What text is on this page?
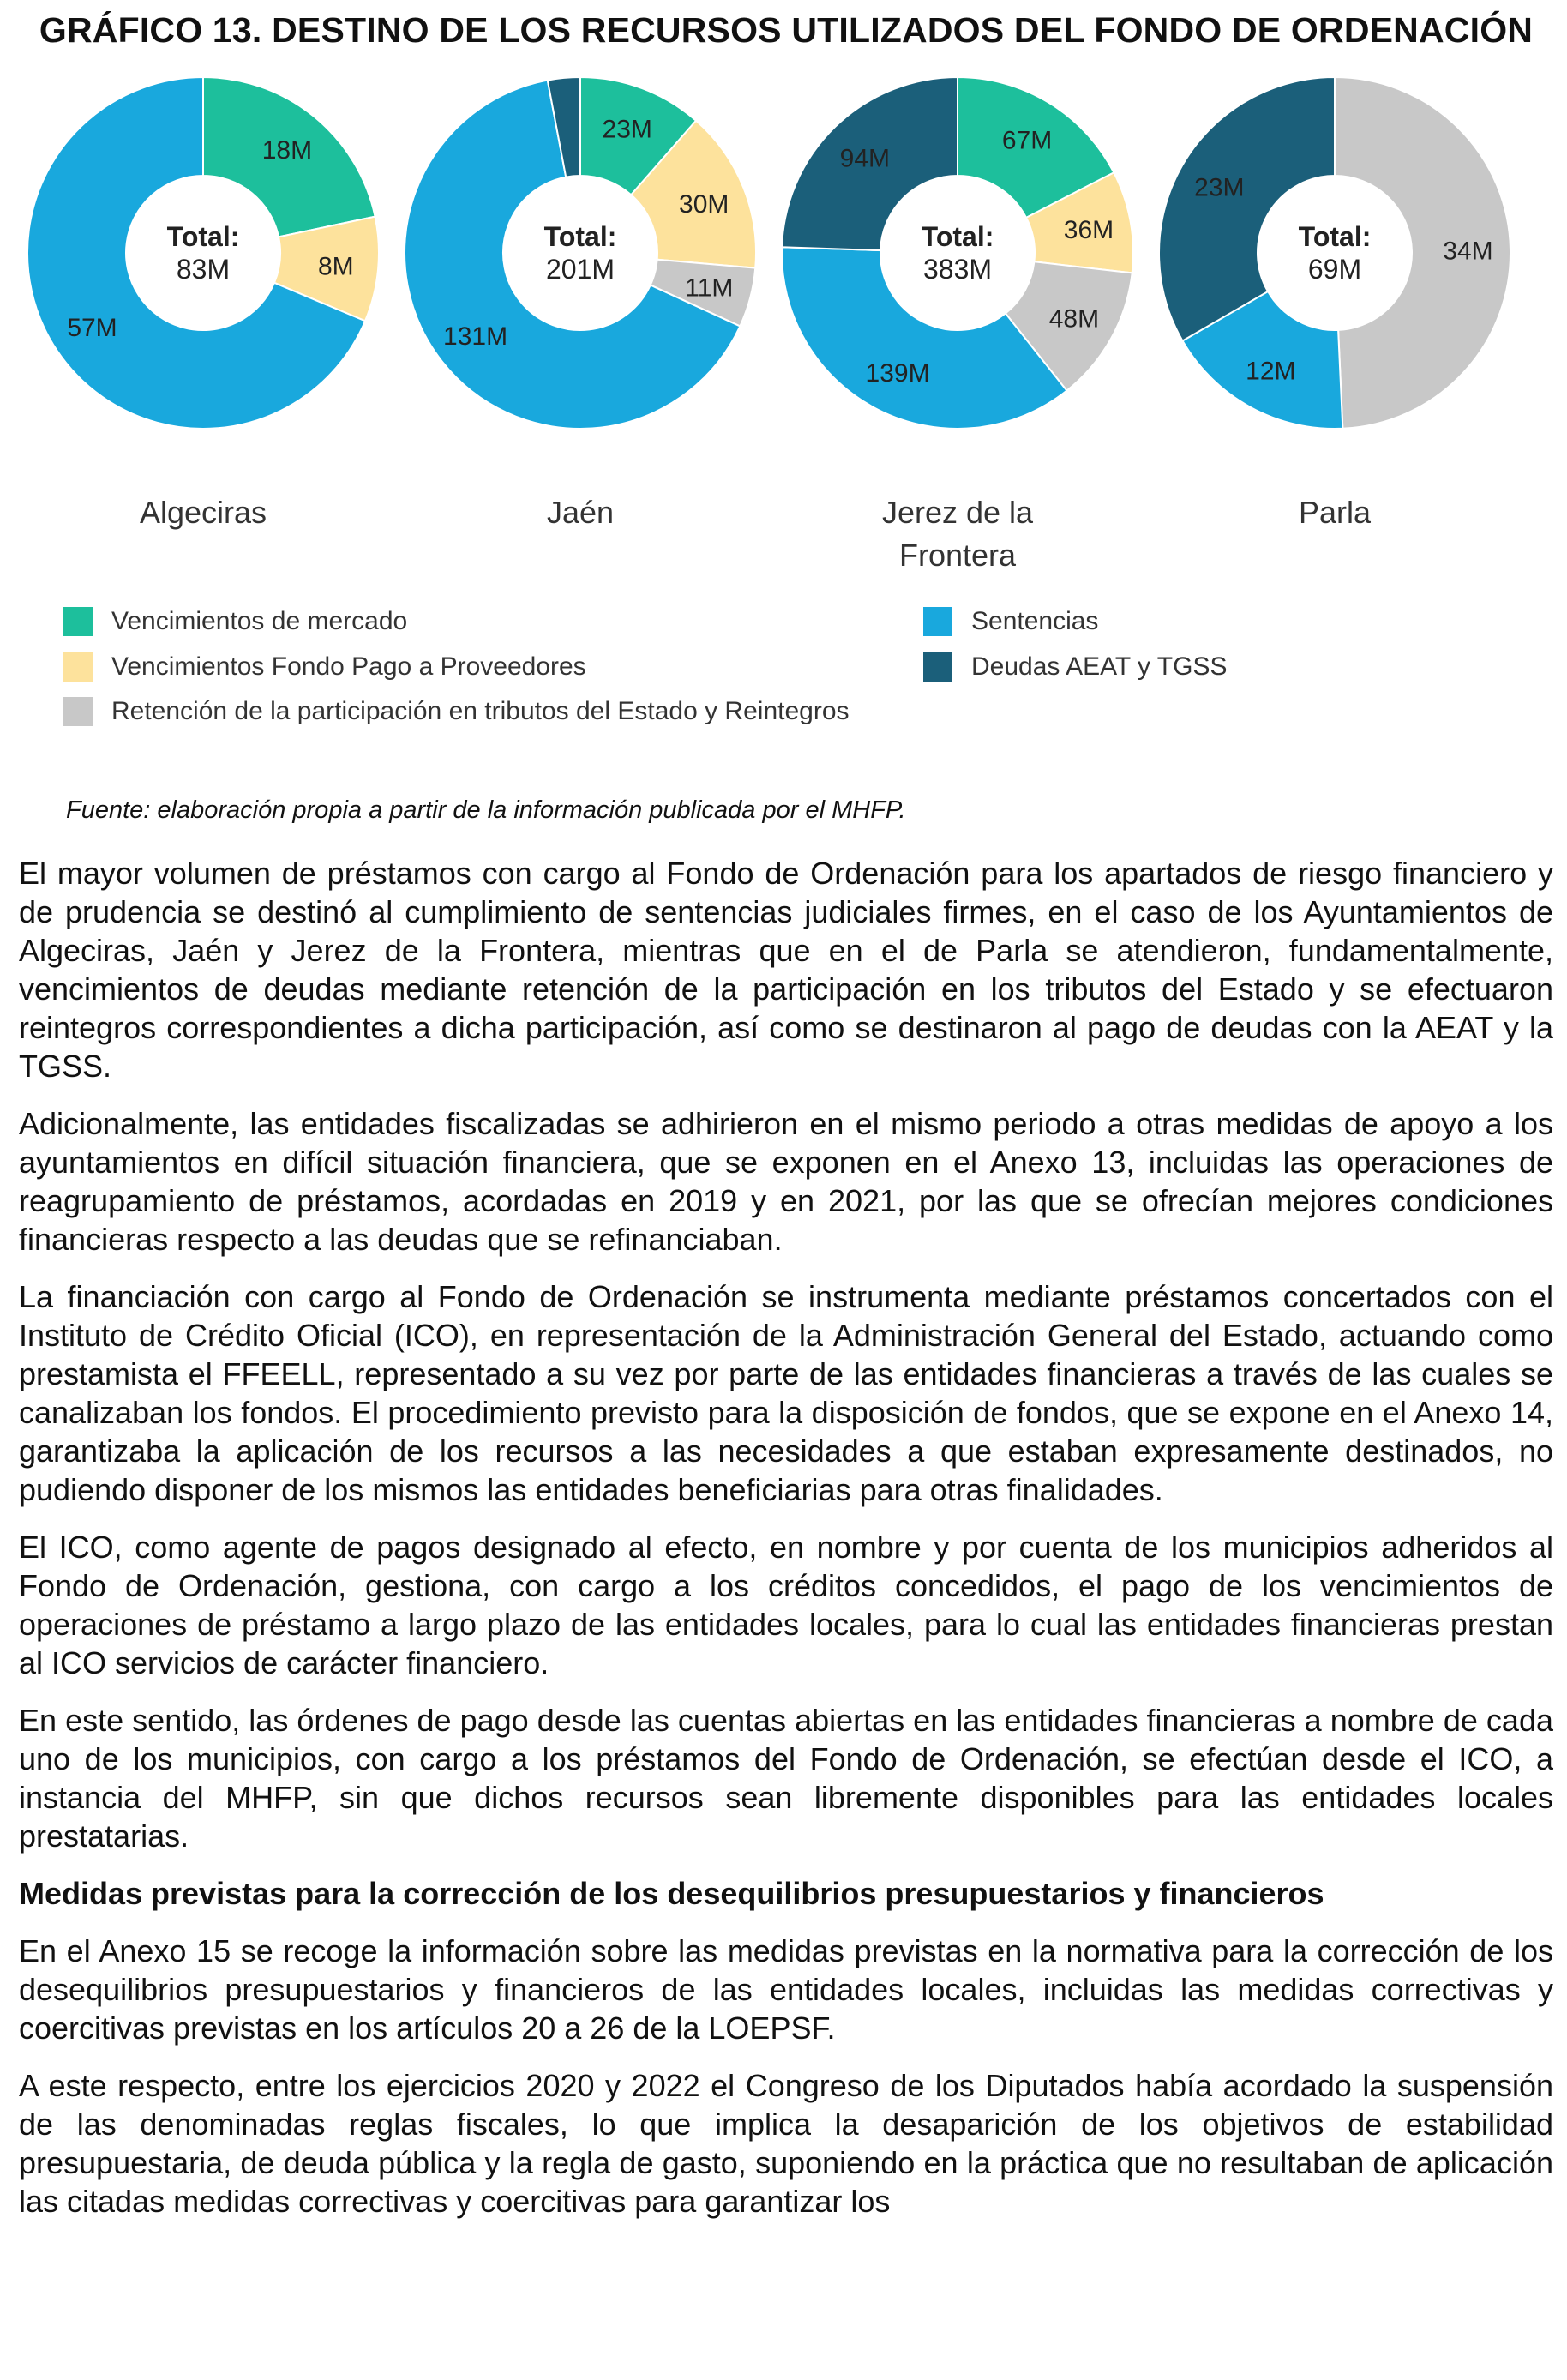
GRÁFICO 13. DESTINO DE LOS RECURSOS UTILIZADOS DEL FONDO DE ORDENACIÓN
18M
8M
57M
Total:
83M
Algeciras
23M
30M
11M
131M
Total:
201M
Jaén
67M
36M
48M
139M
94M
Total:
383M
Jerez de la
Frontera
34M
12M
23M
Total:
69M
Parla
Vencimientos de mercado
Vencimientos Fondo Pago a Proveedores
Retención de la participación en tributos del Estado y Reintegros
Sentencias
Deudas AEAT y TGSS
Fuente: elaboración propia a partir de la información publicada por el MHFP.

El mayor volumen de préstamos con cargo al Fondo de Ordenación para los apartados de riesgo financiero y de prudencia se destinó al cumplimiento de sentencias judiciales firmes, en el caso de los Ayuntamientos de Algeciras, Jaén y Jerez de la Frontera, mientras que en el de Parla se atendieron, fundamentalmente, vencimientos de deudas mediante retención de la participación en los tributos del Estado y se efectuaron reintegros correspondientes a dicha participación, así como se destinaron al pago de deudas con la AEAT y la TGSS.

Adicionalmente, las entidades fiscalizadas se adhirieron en el mismo periodo a otras medidas de apoyo a los ayuntamientos en difícil situación financiera, que se exponen en el Anexo 13, incluidas las operaciones de reagrupamiento de préstamos, acordadas en 2019 y en 2021, por las que se ofrecían mejores condiciones financieras respecto a las deudas que se refinanciaban.

La financiación con cargo al Fondo de Ordenación se instrumenta mediante préstamos concertados con el Instituto de Crédito Oficial (ICO), en representación de la Administración General del Estado, actuando como prestamista el FFEELL, representado a su vez por parte de las entidades financieras a través de las cuales se canalizaban los fondos. El procedimiento previsto para la disposición de fondos, que se expone en el Anexo 14, garantizaba la aplicación de los recursos a las necesidades a que estaban expresamente destinados, no pudiendo disponer de los mismos las entidades beneficiarias para otras finalidades.

El ICO, como agente de pagos designado al efecto, en nombre y por cuenta de los municipios adheridos al Fondo de Ordenación, gestiona, con cargo a los créditos concedidos, el pago de los vencimientos de operaciones de préstamo a largo plazo de las entidades locales, para lo cual las entidades financieras prestan al ICO servicios de carácter financiero.

En este sentido, las órdenes de pago desde las cuentas abiertas en las entidades financieras a nombre de cada uno de los municipios, con cargo a los préstamos del Fondo de Ordenación, se efectúan desde el ICO, a instancia del MHFP, sin que dichos recursos sean libremente disponibles para las entidades locales prestatarias.

Medidas previstas para la corrección de los desequilibrios presupuestarios y financieros

En el Anexo 15 se recoge la información sobre las medidas previstas en la normativa para la corrección de los desequilibrios presupuestarios y financieros de las entidades locales, incluidas las medidas correctivas y coercitivas previstas en los artículos 20 a 26 de la LOEPSF.

A este respecto, entre los ejercicios 2020 y 2022 el Congreso de los Diputados había acordado la suspensión de las denominadas reglas fiscales, lo que implica la desaparición de los objetivos de estabilidad presupuestaria, de deuda pública y la regla de gasto, suponiendo en la práctica que no resultaban de aplicación las citadas medidas correctivas y coercitivas para garantizar los
